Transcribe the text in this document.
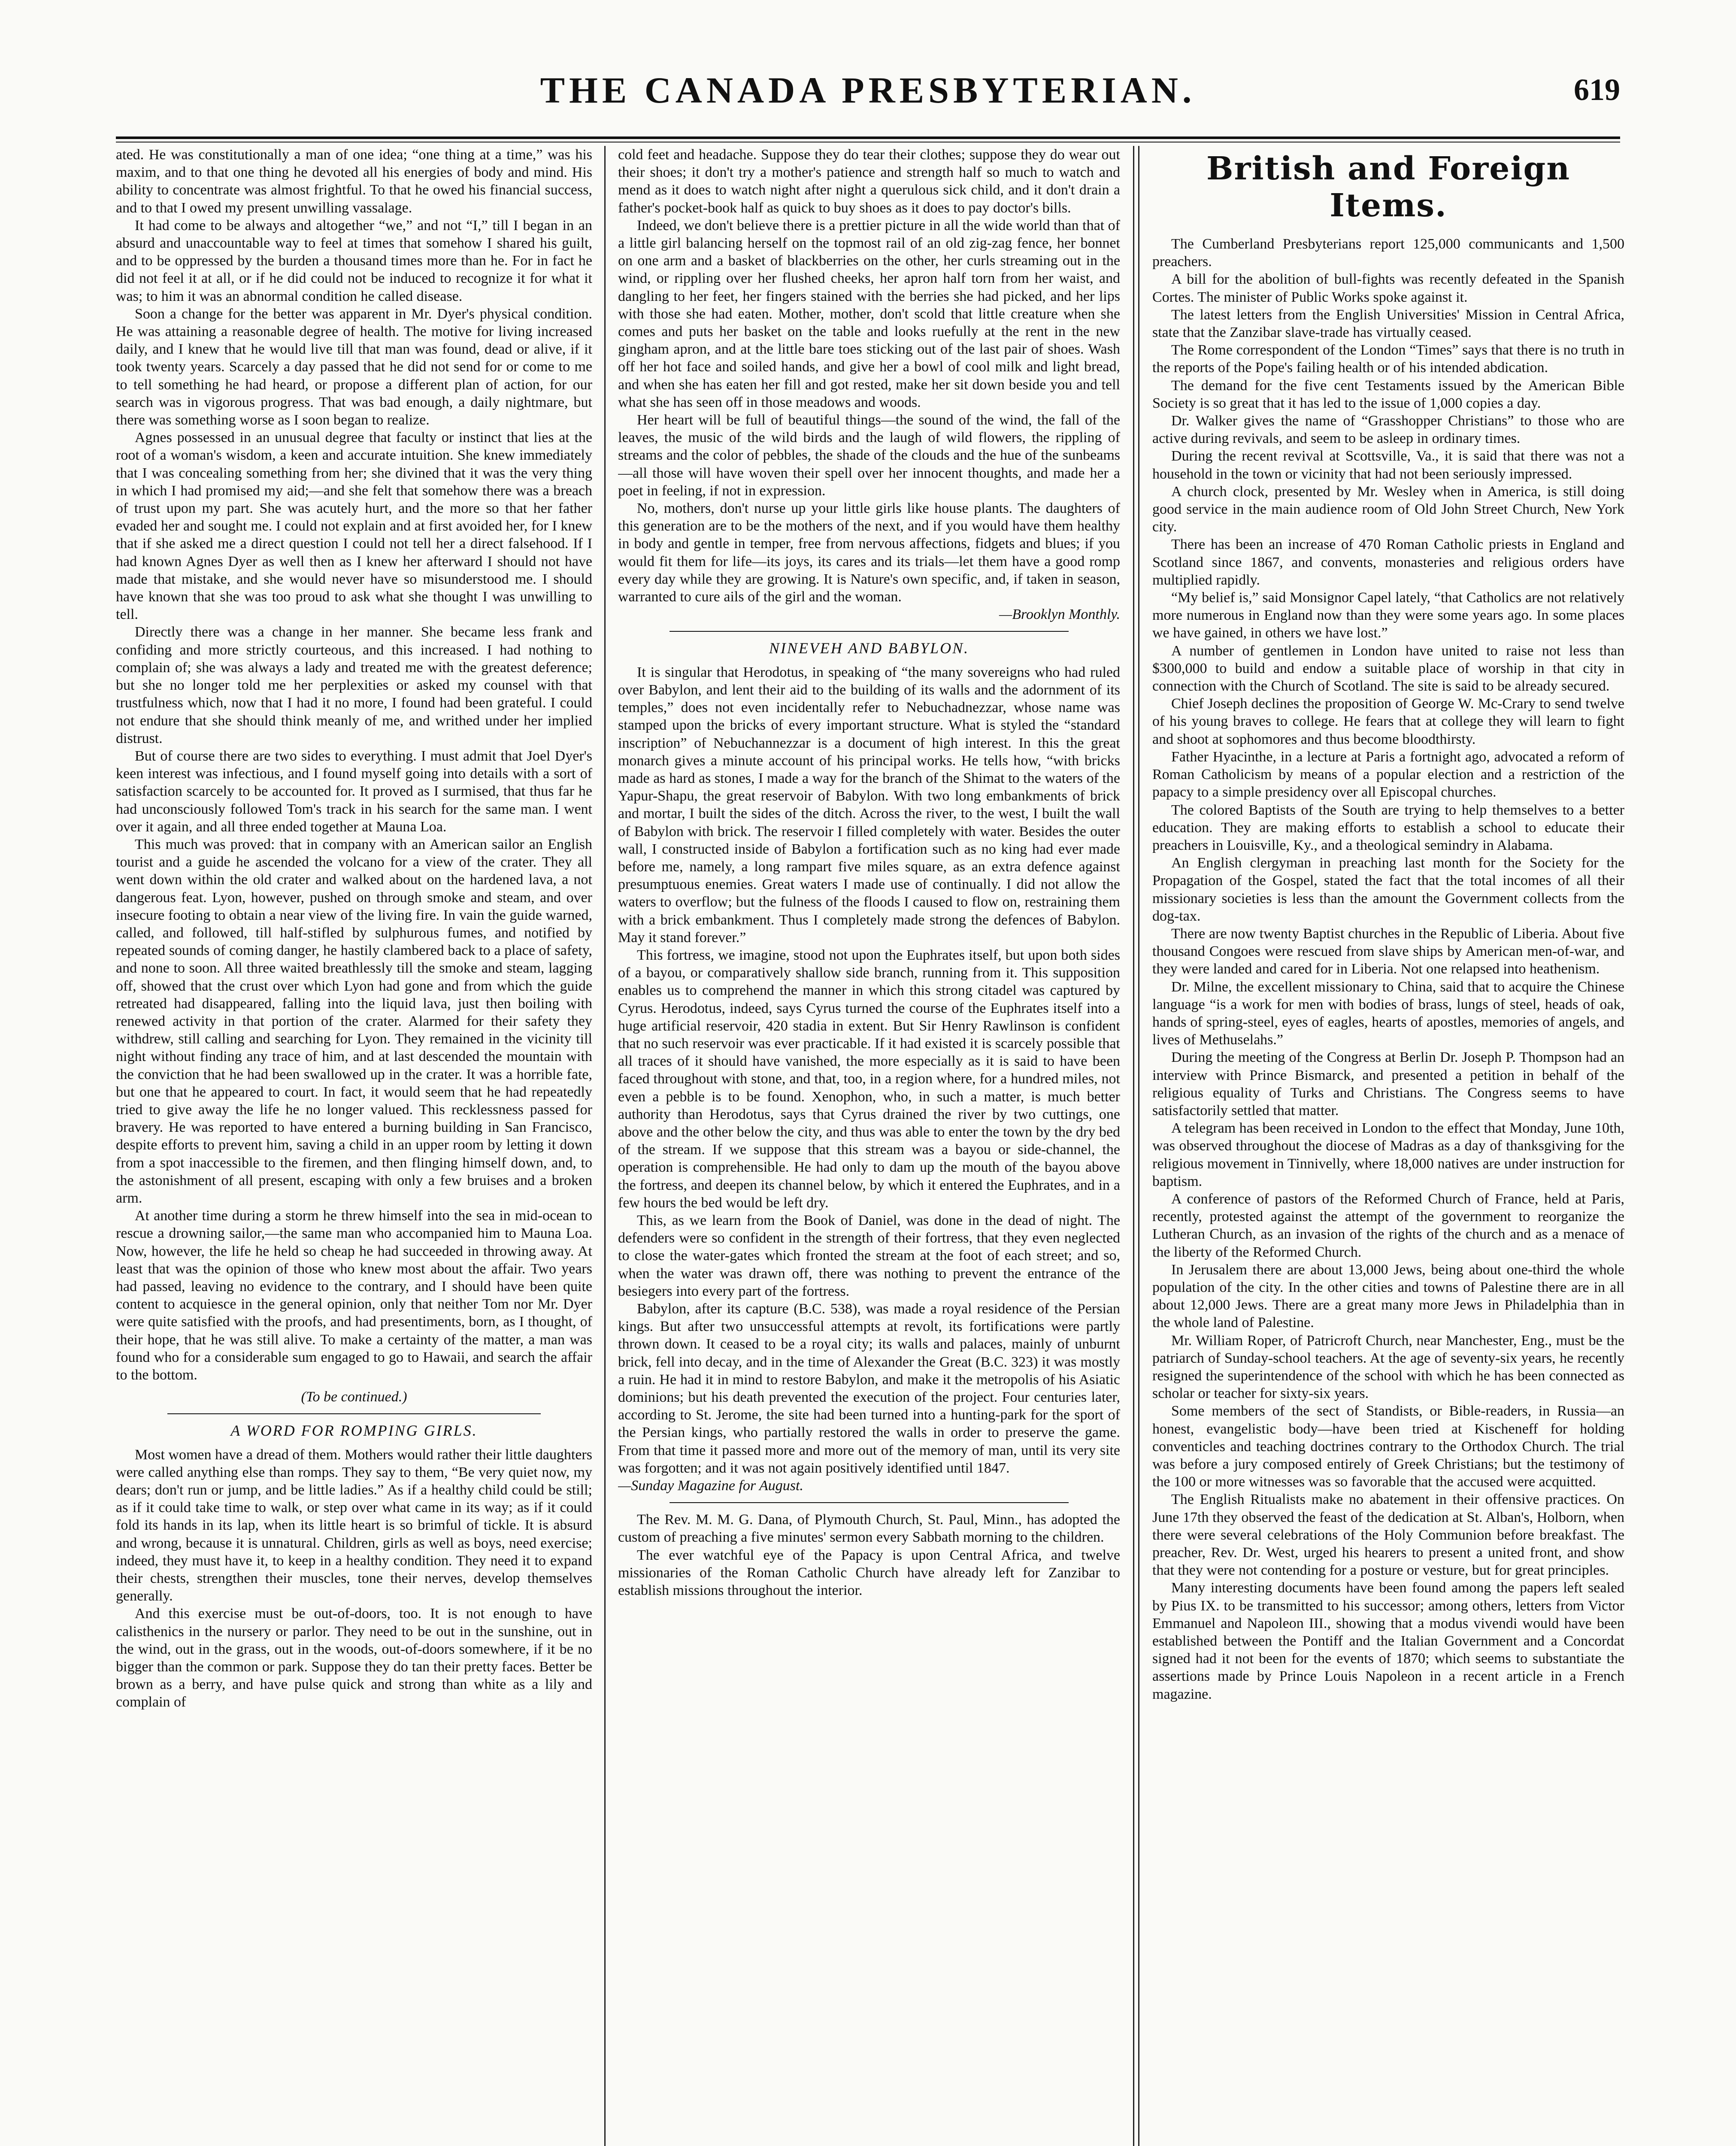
THE CANADA PRESBYTERIAN.	619

ated. He was constitutionally a man of one idea; “one thing at a time,” was his maxim, and to that one thing he devoted all his energies of body and mind. His ability to concentrate was almost frightful. To that he owed his financial success, and to that I owed my present unwilling vassalage.

It had come to be always and altogether “we,” and not “I,” till I began in an absurd and unaccountable way to feel at times that somehow I shared his guilt, and to be oppressed by the burden a thousand times more than he. For in fact he did not feel it at all, or if he did could not be induced to recognize it for what it was; to him it was an abnormal condition he called disease.

Soon a change for the better was apparent in Mr. Dyer's physical condition. He was attaining a reasonable degree of health. The motive for living increased daily, and I knew that he would live till that man was found, dead or alive, if it took twenty years. Scarcely a day passed that he did not send for or come to me to tell something he had heard, or propose a different plan of action, for our search was in vigorous progress. That was bad enough, a daily nightmare, but there was something worse as I soon began to realize.

Agnes possessed in an unusual degree that faculty or instinct that lies at the root of a woman's wisdom, a keen and accurate intuition. She knew immediately that I was concealing something from her; she divined that it was the very thing in which I had promised my aid;—and she felt that somehow there was a breach of trust upon my part. She was acutely hurt, and the more so that her father evaded her and sought me. I could not explain and at first avoided her, for I knew that if she asked me a direct question I could not tell her a direct falsehood. If I had known Agnes Dyer as well then as I knew her afterward I should not have made that mistake, and she would never have so misunderstood me. I should have known that she was too proud to ask what she thought I was unwilling to tell.

Directly there was a change in her manner. She became less frank and confiding and more strictly courteous, and this increased. I had nothing to complain of; she was always a lady and treated me with the greatest deference; but she no longer told me her perplexities or asked my counsel with that trustfulness which, now that I had it no more, I found had been grateful. I could not endure that she should think meanly of me, and writhed under her implied distrust.

But of course there are two sides to everything. I must admit that Joel Dyer's keen interest was infectious, and I found myself going into details with a sort of satisfaction scarcely to be accounted for. It proved as I surmised, that thus far he had unconsciously followed Tom's track in his search for the same man. I went over it again, and all three ended together at Mauna Loa.

This much was proved: that in company with an American sailor an English tourist and a guide he ascended the volcano for a view of the crater. They all went down within the old crater and walked about on the hardened lava, a not dangerous feat. Lyon, however, pushed on through smoke and steam, and over insecure footing to obtain a near view of the living fire. In vain the guide warned, called, and followed, till half-stifled by sulphurous fumes, and notified by repeated sounds of coming danger, he hastily clambered back to a place of safety, and none to soon. All three waited breathlessly till the smoke and steam, lagging off, showed that the crust over which Lyon had gone and from which the guide retreated had disappeared, falling into the liquid lava, just then boiling with renewed activity in that portion of the crater. Alarmed for their safety they withdrew, still calling and searching for Lyon. They remained in the vicinity till night without finding any trace of him, and at last descended the mountain with the conviction that he had been swallowed up in the crater. It was a horrible fate, but one that he appeared to court. In fact, it would seem that he had repeatedly tried to give away the life he no longer valued. This recklessness passed for bravery. He was reported to have entered a burning building in San Francisco, despite efforts to prevent him, saving a child in an upper room by letting it down from a spot inaccessible to the firemen, and then flinging himself down, and, to the astonishment of all present, escaping with only a few bruises and a broken arm.

At another time during a storm he threw himself into the sea in mid-ocean to rescue a drowning sailor,—the same man who accompanied him to Mauna Loa. Now, however, the life he held so cheap he had succeeded in throwing away. At least that was the opinion of those who knew most about the affair. Two years had passed, leaving no evidence to the contrary, and I should have been quite content to acquiesce in the general opinion, only that neither Tom nor Mr. Dyer were quite satisfied with the proofs, and had presentiments, born, as I thought, of their hope, that he was still alive. To make a certainty of the matter, a man was found who for a considerable sum engaged to go to Hawaii, and search the affair to the bottom.

(To be continued.)

A WORD FOR ROMPING GIRLS.

Most women have a dread of them. Mothers would rather their little daughters were called anything else than romps. They say to them, “Be very quiet now, my dears; don't run or jump, and be little ladies.” As if a healthy child could be still; as if it could take time to walk, or step over what came in its way; as if it could fold its hands in its lap, when its little heart is so brimful of tickle. It is absurd and wrong, because it is unnatural. Children, girls as well as boys, need exercise; indeed, they must have it, to keep in a healthy condition. They need it to expand their chests, strengthen their muscles, tone their nerves, develop themselves generally.

And this exercise must be out-of-doors, too. It is not enough to have calisthenics in the nursery or parlor. They need to be out in the sunshine, out in the wind, out in the grass, out in the woods, out-of-doors somewhere, if it be no bigger than the common or park. Suppose they do tan their pretty faces. Better be brown as a berry, and have pulse quick and strong than white as a lily and complain of

cold feet and headache. Suppose they do tear their clothes; suppose they do wear out their shoes; it don't try a mother's patience and strength half so much to watch and mend as it does to watch night after night a querulous sick child, and it don't drain a father's pocket-book half as quick to buy shoes as it does to pay doctor's bills.

Indeed, we don't believe there is a prettier picture in all the wide world than that of a little girl balancing herself on the topmost rail of an old zig-zag fence, her bonnet on one arm and a basket of blackberries on the other, her curls streaming out in the wind, or rippling over her flushed cheeks, her apron half torn from her waist, and dangling to her feet, her fingers stained with the berries she had picked, and her lips with those she had eaten. Mother, mother, don't scold that little creature when she comes and puts her basket on the table and looks ruefully at the rent in the new gingham apron, and at the little bare toes sticking out of the last pair of shoes. Wash off her hot face and soiled hands, and give her a bowl of cool milk and light bread, and when she has eaten her fill and got rested, make her sit down beside you and tell what she has seen off in those meadows and woods.

Her heart will be full of beautiful things—the sound of the wind, the fall of the leaves, the music of the wild birds and the laugh of wild flowers, the rippling of streams and the color of pebbles, the shade of the clouds and the hue of the sunbeams—all those will have woven their spell over her innocent thoughts, and made her a poet in feeling, if not in expression.

No, mothers, don't nurse up your little girls like house plants. The daughters of this generation are to be the mothers of the next, and if you would have them healthy in body and gentle in temper, free from nervous affections, fidgets and blues; if you would fit them for life—its joys, its cares and its trials—let them have a good romp every day while they are growing. It is Nature's own specific, and, if taken in season, warranted to cure ails of the girl and the woman.

—Brooklyn Monthly.

NINEVEH AND BABYLON.

It is singular that Herodotus, in speaking of “the many sovereigns who had ruled over Babylon, and lent their aid to the building of its walls and the adornment of its temples,” does not even incidentally refer to Nebuchadnezzar, whose name was stamped upon the bricks of every important structure. What is styled the “standard inscription” of Nebuchannezzar is a document of high interest. In this the great monarch gives a minute account of his principal works. He tells how, “with bricks made as hard as stones, I made a way for the branch of the Shimat to the waters of the Yapur-Shapu, the great reservoir of Babylon. With two long embankments of brick and mortar, I built the sides of the ditch. Across the river, to the west, I built the wall of Babylon with brick. The reservoir I filled completely with water. Besides the outer wall, I constructed inside of Babylon a fortification such as no king had ever made before me, namely, a long rampart five miles square, as an extra defence against presumptuous enemies. Great waters I made use of continually. I did not allow the waters to overflow; but the fulness of the floods I caused to flow on, restraining them with a brick embankment. Thus I completely made strong the defences of Babylon. May it stand forever.”

This fortress, we imagine, stood not upon the Euphrates itself, but upon both sides of a bayou, or comparatively shallow side branch, running from it. This supposition enables us to comprehend the manner in which this strong citadel was captured by Cyrus. Herodotus, indeed, says Cyrus turned the course of the Euphrates itself into a huge artificial reservoir, 420 stadia in extent. But Sir Henry Rawlinson is confident that no such reservoir was ever practicable. If it had existed it is scarcely possible that all traces of it should have vanished, the more especially as it is said to have been faced throughout with stone, and that, too, in a region where, for a hundred miles, not even a pebble is to be found. Xenophon, who, in such a matter, is much better authority than Herodotus, says that Cyrus drained the river by two cuttings, one above and the other below the city, and thus was able to enter the town by the dry bed of the stream. If we suppose that this stream was a bayou or side-channel, the operation is comprehensible. He had only to dam up the mouth of the bayou above the fortress, and deepen its channel below, by which it entered the Euphrates, and in a few hours the bed would be left dry.

This, as we learn from the Book of Daniel, was done in the dead of night. The defenders were so confident in the strength of their fortress, that they even neglected to close the water-gates which fronted the stream at the foot of each street; and so, when the water was drawn off, there was nothing to prevent the entrance of the besiegers into every part of the fortress.

Babylon, after its capture (B.C. 538), was made a royal residence of the Persian kings. But after two unsuccessful attempts at revolt, its fortifications were partly thrown down. It ceased to be a royal city; its walls and palaces, mainly of unburnt brick, fell into decay, and in the time of Alexander the Great (B.C. 323) it was mostly a ruin. He had it in mind to restore Babylon, and make it the metropolis of his Asiatic dominions; but his death prevented the execution of the project. Four centuries later, according to St. Jerome, the site had been turned into a hunting-park for the sport of the Persian kings, who partially restored the walls in order to preserve the game. From that time it passed more and more out of the memory of man, until its very site was forgotten; and it was not again positively identified until 1847.

—Sunday Magazine for August.

The Rev. M. M. G. Dana, of Plymouth Church, St. Paul, Minn., has adopted the custom of preaching a five minutes' sermon every Sabbath morning to the children.

The ever watchful eye of the Papacy is upon Central Africa, and twelve missionaries of the Roman Catholic Church have already left for Zanzibar to establish missions throughout the interior.

British and Foreign Items.

The Cumberland Presbyterians report 125,000 communicants and 1,500 preachers.

A bill for the abolition of bull-fights was recently defeated in the Spanish Cortes. The minister of Public Works spoke against it.

The latest letters from the English Universities' Mission in Central Africa, state that the Zanzibar slave-trade has virtually ceased.

The Rome correspondent of the London “Times” says that there is no truth in the reports of the Pope's failing health or of his intended abdication.

The demand for the five cent Testaments issued by the American Bible Society is so great that it has led to the issue of 1,000 copies a day.

Dr. Walker gives the name of “Grasshopper Christians” to those who are active during revivals, and seem to be asleep in ordinary times.

During the recent revival at Scottsville, Va., it is said that there was not a household in the town or vicinity that had not been seriously impressed.

A church clock, presented by Mr. Wesley when in America, is still doing good service in the main audience room of Old John Street Church, New York city.

There has been an increase of 470 Roman Catholic priests in England and Scotland since 1867, and convents, monasteries and religious orders have multiplied rapidly.

“My belief is,” said Monsignor Capel lately, “that Catholics are not relatively more numerous in England now than they were some years ago. In some places we have gained, in others we have lost.”

A number of gentlemen in London have united to raise not less than $300,000 to build and endow a suitable place of worship in that city in connection with the Church of Scotland. The site is said to be already secured.

Chief Joseph declines the proposition of George W. Mc-Crary to send twelve of his young braves to college. He fears that at college they will learn to fight and shoot at sophomores and thus become bloodthirsty.

Father Hyacinthe, in a lecture at Paris a fortnight ago, advocated a reform of Roman Catholicism by means of a popular election and a restriction of the papacy to a simple presidency over all Episcopal churches.

The colored Baptists of the South are trying to help themselves to a better education. They are making efforts to establish a school to educate their preachers in Louisville, Ky., and a theological semindry in Alabama.

An English clergyman in preaching last month for the Society for the Propagation of the Gospel, stated the fact that the total incomes of all their missionary societies is less than the amount the Government collects from the dog-tax.

There are now twenty Baptist churches in the Republic of Liberia. About five thousand Congoes were rescued from slave ships by American men-of-war, and they were landed and cared for in Liberia. Not one relapsed into heathenism.

Dr. Milne, the excellent missionary to China, said that to acquire the Chinese language “is a work for men with bodies of brass, lungs of steel, heads of oak, hands of spring-steel, eyes of eagles, hearts of apostles, memories of angels, and lives of Methuselahs.”

During the meeting of the Congress at Berlin Dr. Joseph P. Thompson had an interview with Prince Bismarck, and presented a petition in behalf of the religious equality of Turks and Christians. The Congress seems to have satisfactorily settled that matter.

A telegram has been received in London to the effect that Monday, June 10th, was observed throughout the diocese of Madras as a day of thanksgiving for the religious movement in Tinnivelly, where 18,000 natives are under instruction for baptism.

A conference of pastors of the Reformed Church of France, held at Paris, recently, protested against the attempt of the government to reorganize the Lutheran Church, as an invasion of the rights of the church and as a menace of the liberty of the Reformed Church.

In Jerusalem there are about 13,000 Jews, being about one-third the whole population of the city. In the other cities and towns of Palestine there are in all about 12,000 Jews. There are a great many more Jews in Philadelphia than in the whole land of Palestine.

Mr. William Roper, of Patricroft Church, near Manchester, Eng., must be the patriarch of Sunday-school teachers. At the age of seventy-six years, he recently resigned the superintendence of the school with which he has been connected as scholar or teacher for sixty-six years.

Some members of the sect of Standists, or Bible-readers, in Russia—an honest, evangelistic body—have been tried at Kischeneff for holding conventicles and teaching doctrines contrary to the Orthodox Church. The trial was before a jury composed entirely of Greek Christians; but the testimony of the 100 or more witnesses was so favorable that the accused were acquitted.

The English Ritualists make no abatement in their offensive practices. On June 17th they observed the feast of the dedication at St. Alban's, Holborn, when there were several celebrations of the Holy Communion before breakfast. The preacher, Rev. Dr. West, urged his hearers to present a united front, and show that they were not contending for a posture or vesture, but for great principles.

Many interesting documents have been found among the papers left sealed by Pius IX. to be transmitted to his successor; among others, letters from Victor Emmanuel and Napoleon III., showing that a modus vivendi would have been established between the Pontiff and the Italian Government and a Concordat signed had it not been for the events of 1870; which seems to substantiate the assertions made by Prince Louis Napoleon in a recent article in a French magazine.
